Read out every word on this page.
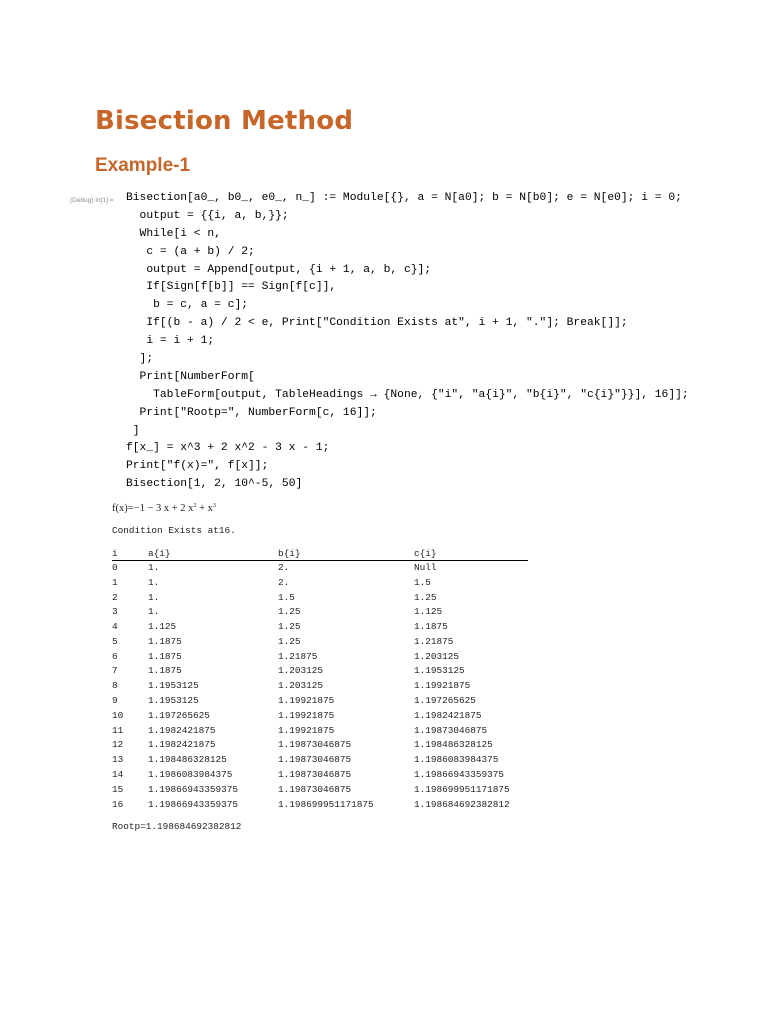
Bisection Method
Example-1
(Debug) In[1]:= Bisection[a0_, b0_, e0_, n_] := Module[{}, a = N[a0]; b = N[b0]; e = N[e0]; i = 0;
output = {{i, a, b,}};
While[i < n,
c = (a + b) / 2;
output = Append[output, {i + 1, a, b, c}];
If[Sign[f[b]] == Sign[f[c]],
b = c, a = c];
If[(b - a) / 2 < e, Print["Condition Exists at", i + 1, "."]; Break[]];
i = i + 1;
];
Print[NumberForm[
TableForm[output, TableHeadings → {None, {"i", "a{i}", "b{i}", "c{i}"}}], 16]];
Print["Rootp=", NumberForm[c, 16]];
]
f[x_] = x^3 + 2 x^2 - 3 x - 1;
Print["f(x)=", f[x]];
Bisection[1, 2, 10^-5, 50]
f(x)=−1 − 3 x + 2 $x^2 + x^3$
Condition Exists at16.
i	a{i}	b{i}	c{i}
0	1.	2.	Null
1	1.	2.	1.5
2	1.	1.5	1.25
3	1.	1.25	1.125
4	1.125	1.25	1.1875
5	1.1875	1.25	1.21875
6	1.1875	1.21875	1.203125
7	1.1875	1.203125	1.1953125
8	1.1953125	1.203125	1.19921875
9	1.1953125	1.19921875	1.197265625
10	1.197265625	1.19921875	1.1982421875
11	1.1982421875	1.19921875	1.19873046875
12	1.1982421875	1.19873046875	1.198486328125
13	1.198486328125	1.19873046875	1.1986083984375
14	1.1986083984375	1.19873046875	1.19866943359375
15	1.19866943359375	1.19873046875	1.198699951171875
16	1.19866943359375	1.198699951171875	1.198684692382812
Rootp=1.198684692382812
